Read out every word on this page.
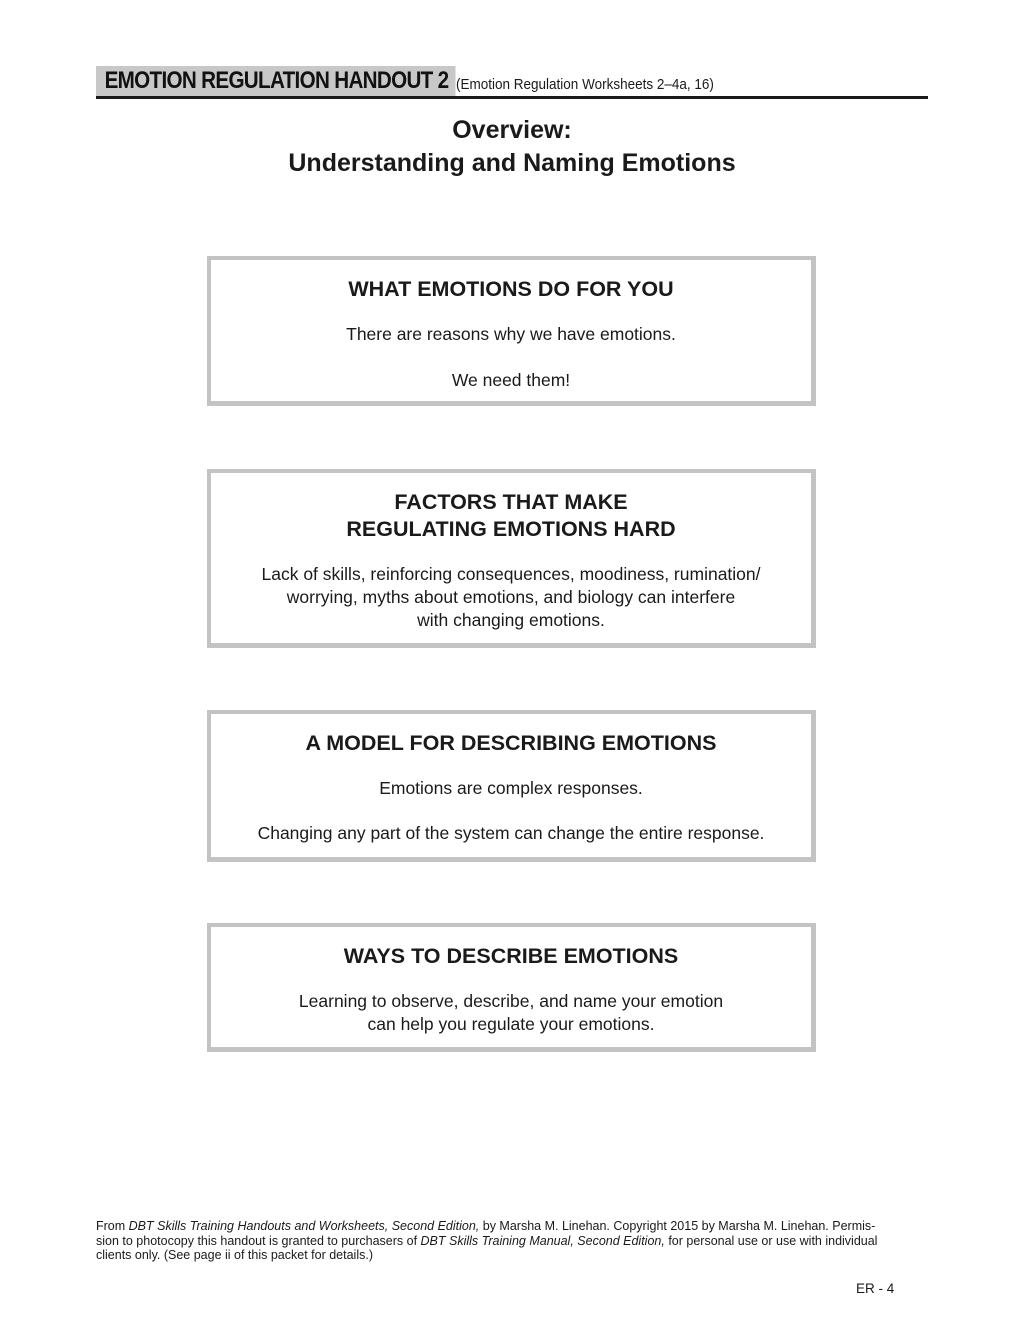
EMOTION REGULATION HANDOUT 2 (Emotion Regulation Worksheets 2–4a, 16)
Overview:
Understanding and Naming Emotions
WHAT EMOTIONS DO FOR YOU
There are reasons why we have emotions.
We need them!
FACTORS THAT MAKE
REGULATING EMOTIONS HARD
Lack of skills, reinforcing consequences, moodiness, rumination/
worrying, myths about emotions, and biology can interfere
with changing emotions.
A MODEL FOR DESCRIBING EMOTIONS
Emotions are complex responses.
Changing any part of the system can change the entire response.
WAYS TO DESCRIBE EMOTIONS
Learning to observe, describe, and name your emotion
can help you regulate your emotions.
From DBT Skills Training Handouts and Worksheets, Second Edition, by Marsha M. Linehan. Copyright 2015 by Marsha M. Linehan. Permis-
sion to photocopy this handout is granted to purchasers of DBT Skills Training Manual, Second Edition, for personal use or use with individual
clients only. (See page ii of this packet for details.)
ER - 4
